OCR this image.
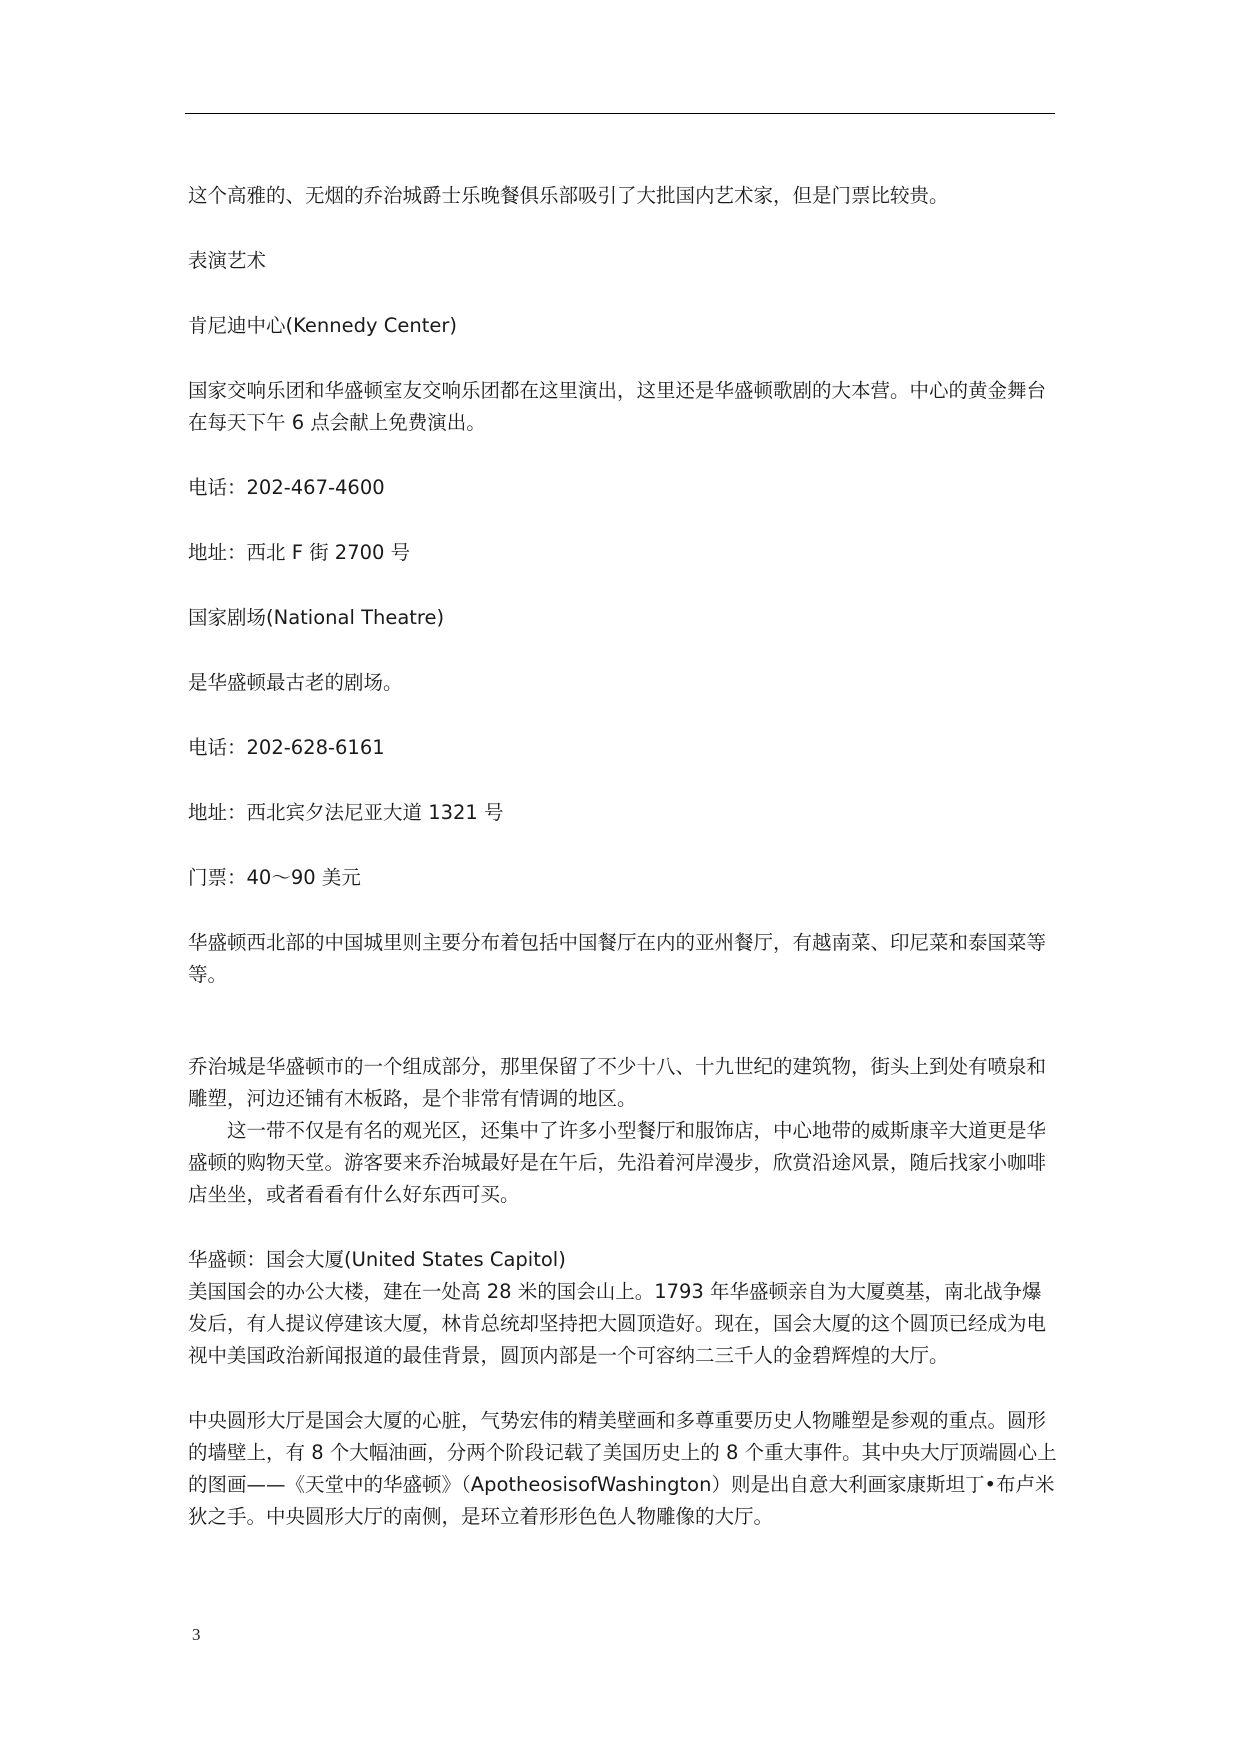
这个高雅的、无烟的乔治城爵士乐晚餐俱乐部吸引了大批国内艺术家，但是门票比较贵。

表演艺术

肯尼迪中心(Kennedy Center)

国家交响乐团和华盛顿室友交响乐团都在这里演出，这里还是华盛顿歌剧的大本营。中心的黄金舞台在每天下午 6 点会献上免费演出。

电话：202-467-4600

地址：西北 F 街 2700 号

国家剧场(National Theatre)

是华盛顿最古老的剧场。

电话：202-628-6161

地址：西北宾夕法尼亚大道 1321 号

门票：40～90 美元

华盛顿西北部的中国城里则主要分布着包括中国餐厅在内的亚州餐厅，有越南菜、印尼菜和泰国菜等等。

乔治城是华盛顿市的一个组成部分，那里保留了不少十八、十九世纪的建筑物，街头上到处有喷泉和雕塑，河边还铺有木板路，是个非常有情调的地区。

这一带不仅是有名的观光区，还集中了许多小型餐厅和服饰店，中心地带的威斯康辛大道更是华盛顿的购物天堂。游客要来乔治城最好是在午后，先沿着河岸漫步，欣赏沿途风景，随后找家小咖啡店坐坐，或者看看有什么好东西可买。

华盛顿：国会大厦(United States Capitol)

美国国会的办公大楼，建在一处高 28 米的国会山上。1793 年华盛顿亲自为大厦奠基，南北战争爆发后，有人提议停建该大厦，林肯总统却坚持把大圆顶造好。现在，国会大厦的这个圆顶已经成为电视中美国政治新闻报道的最佳背景，圆顶内部是一个可容纳二三千人的金碧辉煌的大厅。

中央圆形大厅是国会大厦的心脏，气势宏伟的精美壁画和多尊重要历史人物雕塑是参观的重点。圆形的墙壁上，有 8 个大幅油画，分两个阶段记载了美国历史上的 8 个重大事件。其中央大厅顶端圆心上的图画——《天堂中的华盛顿》（ApotheosisofWashington）则是出自意大利画家康斯坦丁•布卢米狄之手。中央圆形大厅的南侧，是环立着形形色色人物雕像的大厅。

3
